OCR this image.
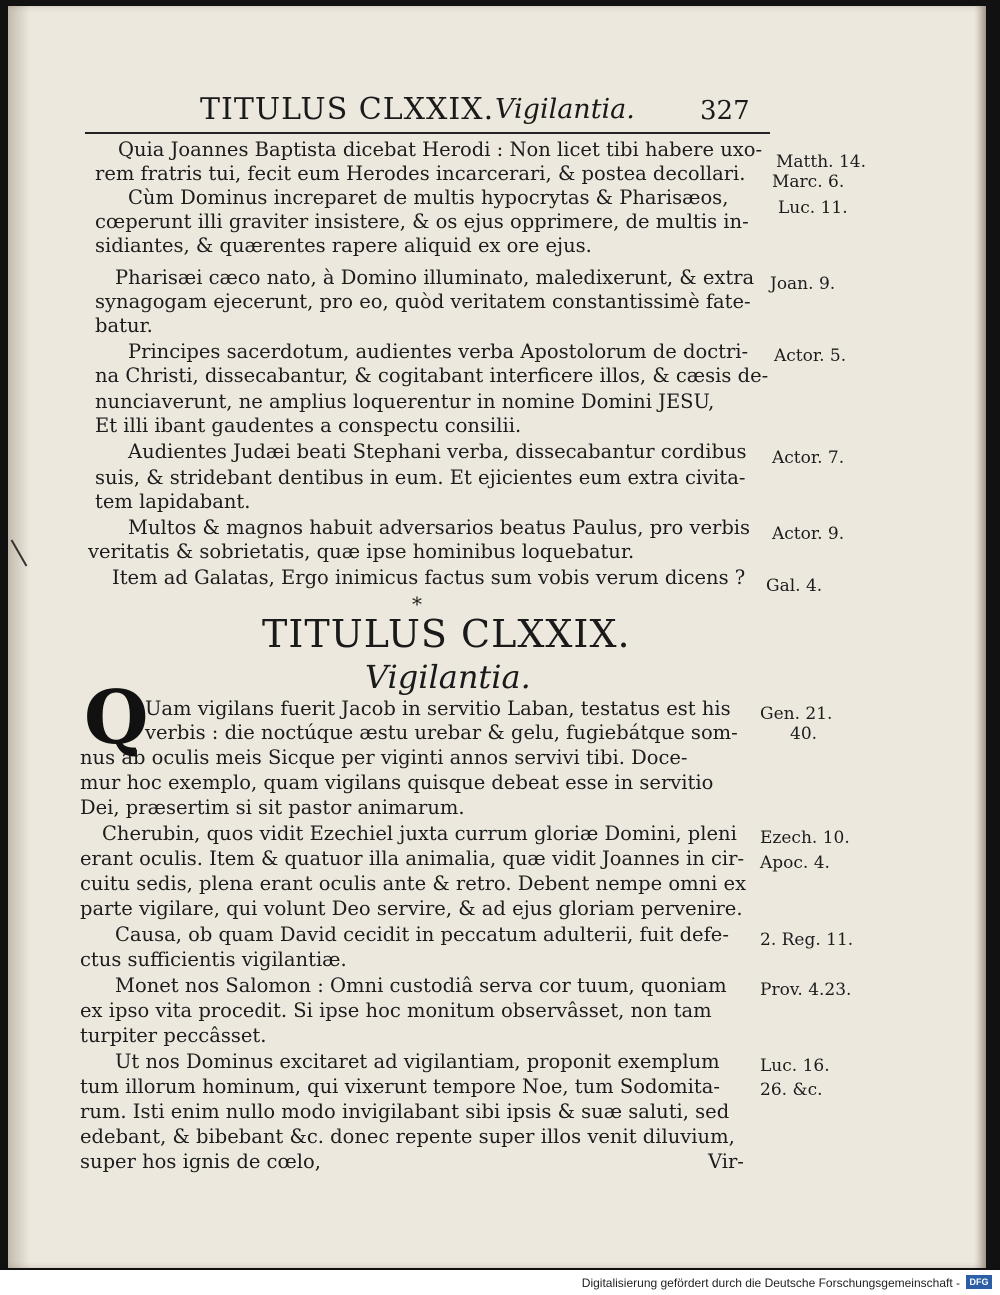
TITULUS CLXXIX. Vigilantia.	327
Quia Joannes Baptista dicebat Herodi : Non licet tibi habere uxo-
rem fratris tui, fecit eum Herodes incarcerari, & postea decollari.
Cùm Dominus increparet de multis hypocrytas & Pharisæos,
cœperunt illi graviter insistere, & os ejus opprimere, de multis in-
sidiantes, & quærentes rapere aliquid ex ore ejus.
Pharisæi cæco nato, à Domino illuminato, maledixerunt, & extra
synagogam ejecerunt, pro eo, quòd veritatem constantissimè fate-
batur.
Principes sacerdotum, audientes verba Apostolorum de doctri-
na Christi, dissecabantur, & cogitabant interficere illos, & cæsis de-
nunciaverunt, ne amplius loquerentur in nomine Domini JESU,
Et illi ibant gaudentes a conspectu consilii.
Audientes Judæi beati Stephani verba, dissecabantur cordibus
suis, & stridebant dentibus in eum. Et ejicientes eum extra civita-
tem lapidabant.
Multos & magnos habuit adversarios beatus Paulus, pro verbis
veritatis & sobrietatis, quæ ipse hominibus loquebatur.
Item ad Galatas, Ergo inimicus factus sum vobis verum dicens ?
Matth. 14.
Marc. 6.
Luc. 11.
Joan. 9.
Actor. 5.
Actor. 7.
Actor. 9.
Gal. 4.
*
TITULUS CLXXIX.
Vigilantia.
Q
Uam vigilans fuerit Jacob in servitio Laban, testatus est his
verbis : die noctúque æstu urebar & gelu, fugiebátque som-
nus ab oculis meis Sicque per viginti annos servivi tibi. Doce-
mur hoc exemplo, quam vigilans quisque debeat esse in servitio
Dei, præsertim si sit pastor animarum.
Cherubin, quos vidit Ezechiel juxta currum gloriæ Domini, pleni
erant oculis. Item & quatuor illa animalia, quæ vidit Joannes in cir-
cuitu sedis, plena erant oculis ante & retro. Debent nempe omni ex
parte vigilare, qui volunt Deo servire, & ad ejus gloriam pervenire.
Causa, ob quam David cecidit in peccatum adulterii, fuit defe-
ctus sufficientis vigilantiæ.
Monet nos Salomon : Omni custodiâ serva cor tuum, quoniam
ex ipso vita procedit. Si ipse hoc monitum observâsset, non tam
turpiter peccâsset.
Ut nos Dominus excitaret ad vigilantiam, proponit exemplum
tum illorum hominum, qui vixerunt tempore Noe, tum Sodomita-
rum. Isti enim nullo modo invigilabant sibi ipsis & suæ saluti, sed
edebant, & bibebant &c. donec repente super illos venit diluvium,
super hos ignis de cœlo,	Vir-
Gen. 21.
40.
Ezech. 10.
Apoc. 4.
2. Reg. 11.
Prov. 4.23.
Luc. 16.
26. &c.
Digitalisierung gefördert durch die Deutsche Forschungsgemeinschaft -	DFG
